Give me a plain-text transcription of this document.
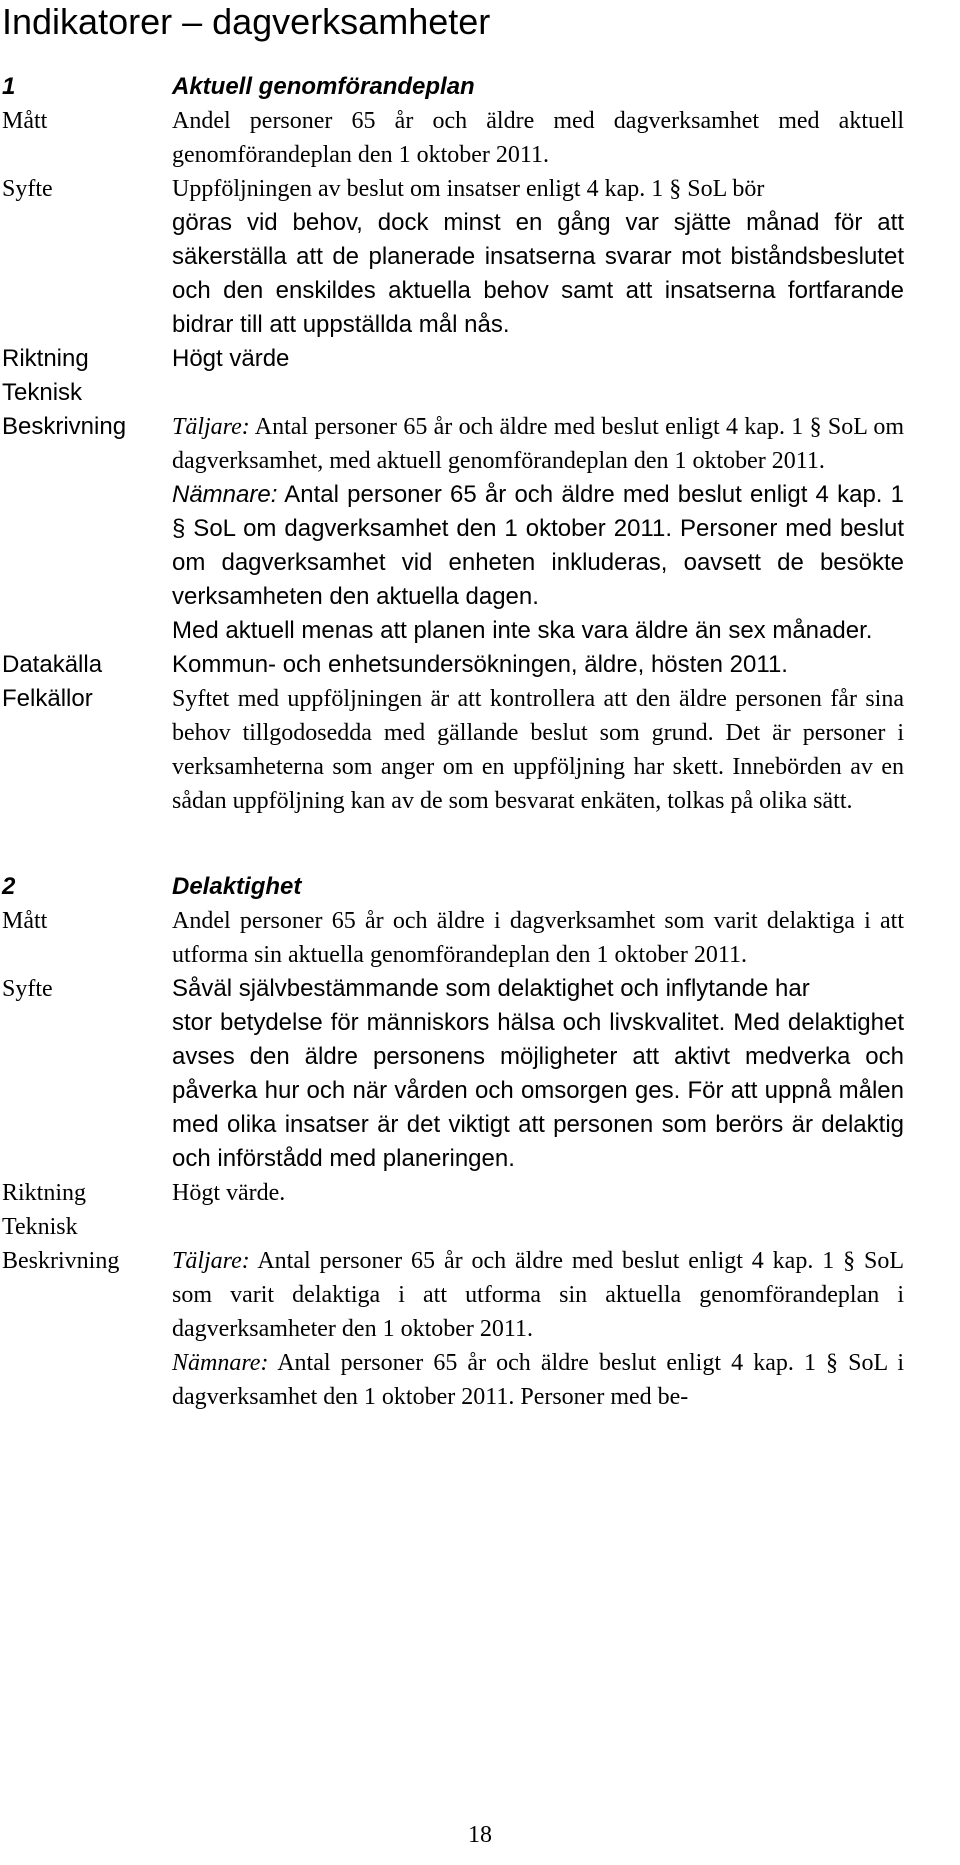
Indikatorer – dagverksamheter
1	Aktuell genomförandeplan
Mått	Andel personer 65 år och äldre med dagverksamhet med aktuell genomförandeplan den 1 oktober 2011.
Syfte	Uppföljningen av beslut om insatser enligt 4 kap. 1 § SoL bör
göras vid behov, dock minst en gång var sjätte månad för att säkerställa att de planerade insatserna svarar mot biståndsbeslutet och den enskildes aktuella behov samt att insatserna fortfarande bidrar till att uppställda mål nås.
Riktning	Högt värde
Teknisk
Beskrivning	Täljare: Antal personer 65 år och äldre med beslut enligt 4 kap. 1 § SoL om dagverksamhet, med aktuell genomförandeplan den 1 oktober 2011.
Nämnare: Antal personer 65 år och äldre med beslut enligt 4 kap. 1 § SoL om dagverksamhet den 1 oktober 2011. Personer med beslut om dagverksamhet vid enheten inkluderas, oavsett de besökte verksamheten den aktuella dagen.
Med aktuell menas att planen inte ska vara äldre än sex månader.
Datakälla	Kommun- och enhetsundersökningen, äldre, hösten 2011.
Felkällor	Syftet med uppföljningen är att kontrollera att den äldre personen får sina behov tillgodosedda med gällande beslut som grund. Det är personer i verksamheterna som anger om en uppföljning har skett. Innebörden av en sådan uppföljning kan av de som besvarat enkäten, tolkas på olika sätt.
2	Delaktighet
Mått	Andel personer 65 år och äldre i dagverksamhet som varit delaktiga i att utforma sin aktuella genomförandeplan den 1 oktober 2011.
Syfte	Såväl självbestämmande som delaktighet och inflytande har
stor betydelse för människors hälsa och livskvalitet. Med delaktighet avses den äldre personens möjligheter att aktivt medverka och påverka hur och när vården och omsorgen ges. För att uppnå målen med olika insatser är det viktigt att personen som berörs är delaktig och införstådd med planeringen.
Riktning	Högt värde.
Teknisk
Beskrivning	Täljare: Antal personer 65 år och äldre med beslut enligt 4 kap. 1 § SoL som varit delaktiga i att utforma sin aktuella genomförandeplan i dagverksamheter den 1 oktober 2011.
Nämnare: Antal personer 65 år och äldre beslut enligt 4 kap. 1 § SoL i dagverksamhet den 1 oktober 2011. Personer med be-
18
